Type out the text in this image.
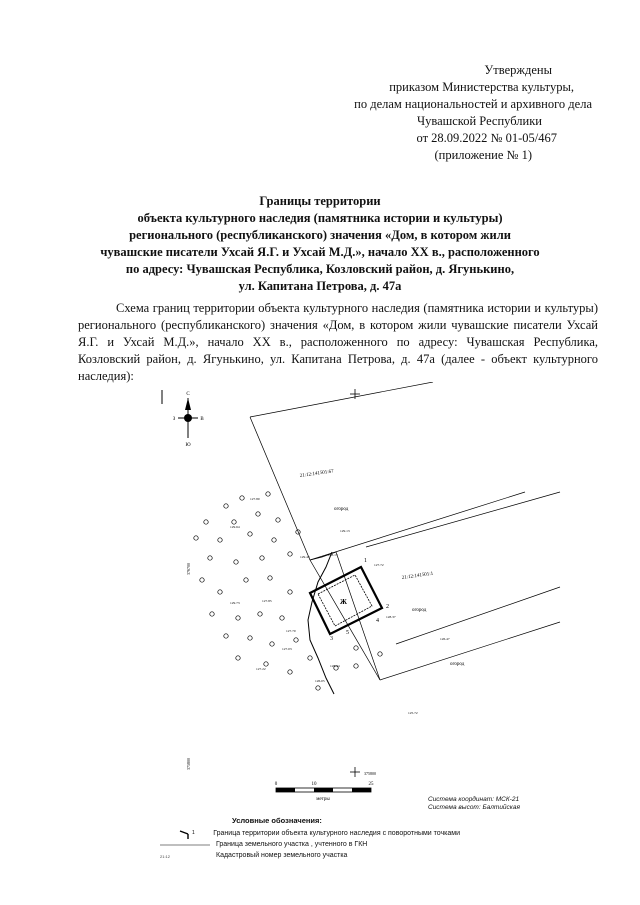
Утверждены
приказом Министерства культуры,
по делам национальностей и архивного дела
Чувашской Республики
от 28.09.2022 № 01-05/467
(приложение № 1)
Границы территории
объекта культурного наследия (памятника истории и культуры)
регионального (республиканского) значения «Дом, в котором жили
чувашские писатели Ухсай Я.Г. и Ухсай М.Д.», начало XX в., расположенного
по адресу: Чувашская Республика, Козловский район, д. Ягунькино,
ул. Капитана Петрова, д. 47а

Схема границ территории объекта культурного наследия (памятника истории и культуры) регионального (республиканского) значения «Дом, в котором жили чувашские писатели Ухсай Я.Г. и Ухсай М.Д.», начало XX в., расположенного по адресу: Чувашская Республика, Козловский район, д. Ягунькино, ул. Капитана Петрова, д. 47а (далее - объект культурного наследия):

С
Ю
З	В
376700
375800
375800
Ж
1
2
3
4
5
21:12:141501:67
21:12:141501:1
огород
огород
огород
127.80
129.64
129.13
128.17
129.43
127.72
129.73	127.85
127.22
127.03
127.70
128.34
128.37
126.05
125.72
126.47
0	10	25
метры	Система координат: МСК-21
Система высот: Балтийская
Условные обозначения:
1	Граница территории объекта культурного наследия с поворотными точками
Граница земельного участка , учтенного в ГКН
21:12	Кадастровый номер земельного участка
